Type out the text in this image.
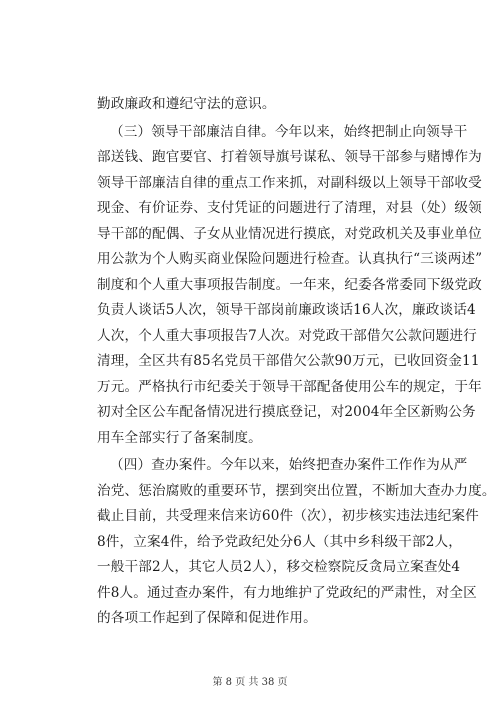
勤政廉政和遵纪守法的意识。
（三）领导干部廉洁自律。今年以来，始终把制止向领导干
部送钱、跑官要官、打着领导旗号谋私、领导干部参与赌博作为
领导干部廉洁自律的重点工作来抓，对副科级以上领导干部收受
现金、有价证券、支付凭证的问题进行了清理，对县（处）级领
导干部的配偶、子女从业情况进行摸底，对党政机关及事业单位
用公款为个人购买商业保险问题进行检查。认真执行“三谈两述”
制度和个人重大事项报告制度。一年来，纪委各常委同下级党政
负责人谈话5人次，领导干部岗前廉政谈话16人次，廉政谈话4
人次，个人重大事项报告7人次。对党政干部借欠公款问题进行
清理，全区共有85名党员干部借欠公款90万元，已收回资金11
万元。严格执行市纪委关于领导干部配备使用公车的规定，于年
初对全区公车配备情况进行摸底登记，对2004年全区新购公务
用车全部实行了备案制度。
（四）查办案件。今年以来，始终把查办案件工作作为从严
治党、惩治腐败的重要环节，摆到突出位置，不断加大查办力度。
截止目前，共受理来信来访60件（次），初步核实违法违纪案件
8件，立案4件，给予党政纪处分6人（其中乡科级干部2人，
一般干部2人，其它人员2人），移交检察院反贪局立案查处4
件8人。通过查办案件，有力地维护了党政纪的严肃性，对全区
的各项工作起到了保障和促进作用。
第 8 页 共 38 页
